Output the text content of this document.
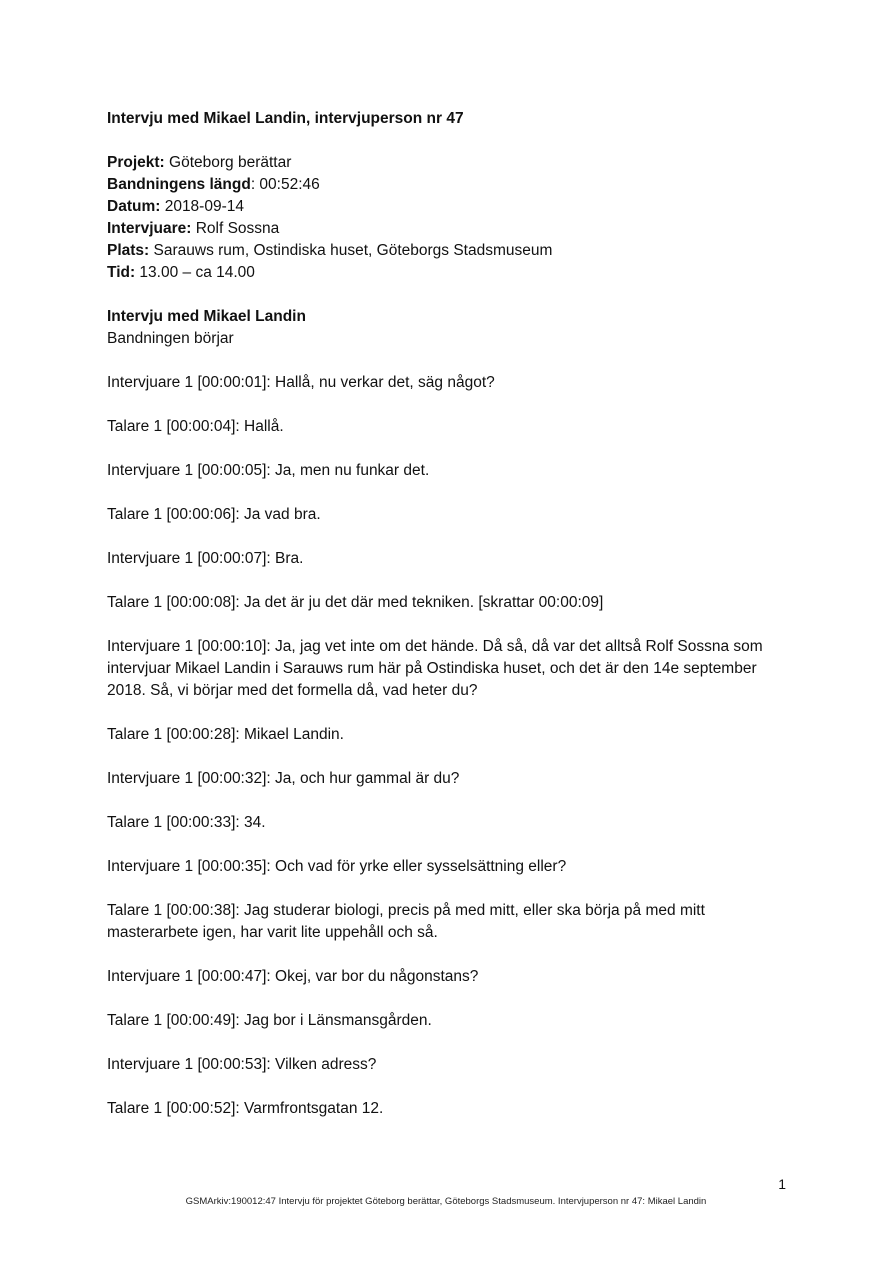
Intervju med Mikael Landin, intervjuperson nr 47

Projekt: Göteborg berättar

Bandningens längd: 00:52:46

Datum: 2018-09-14

Intervjuare: Rolf Sossna

Plats: Sarauws rum, Ostindiska huset, Göteborgs Stadsmuseum

Tid: 13.00 – ca 14.00

Intervju med Mikael Landin

Bandningen börjar

Intervjuare 1 [00:00:01]: Hallå, nu verkar det, säg något?

Talare 1 [00:00:04]: Hallå.

Intervjuare 1 [00:00:05]: Ja, men nu funkar det.

Talare 1 [00:00:06]: Ja vad bra.

Intervjuare 1 [00:00:07]: Bra.

Talare 1 [00:00:08]: Ja det är ju det där med tekniken. [skrattar 00:00:09]

Intervjuare 1 [00:00:10]: Ja, jag vet inte om det hände. Då så, då var det alltså Rolf Sossna som intervjuar Mikael Landin i Sarauws rum här på Ostindiska huset, och det är den 14e september 2018. Så, vi börjar med det formella då, vad heter du?

Talare 1 [00:00:28]: Mikael Landin.

Intervjuare 1 [00:00:32]: Ja, och hur gammal är du?

Talare 1 [00:00:33]: 34.

Intervjuare 1 [00:00:35]: Och vad för yrke eller sysselsättning eller?

Talare 1 [00:00:38]: Jag studerar biologi, precis på med mitt, eller ska börja på med mitt masterarbete igen, har varit lite uppehåll och så.

Intervjuare 1 [00:00:47]: Okej, var bor du någonstans?

Talare 1 [00:00:49]: Jag bor i Länsmansgården.

Intervjuare 1 [00:00:53]: Vilken adress?

Talare 1 [00:00:52]: Varmfrontsgatan 12.

1
GSMArkiv:190012:47 Intervju för projektet Göteborg berättar, Göteborgs Stadsmuseum. Intervjuperson nr 47: Mikael Landin
